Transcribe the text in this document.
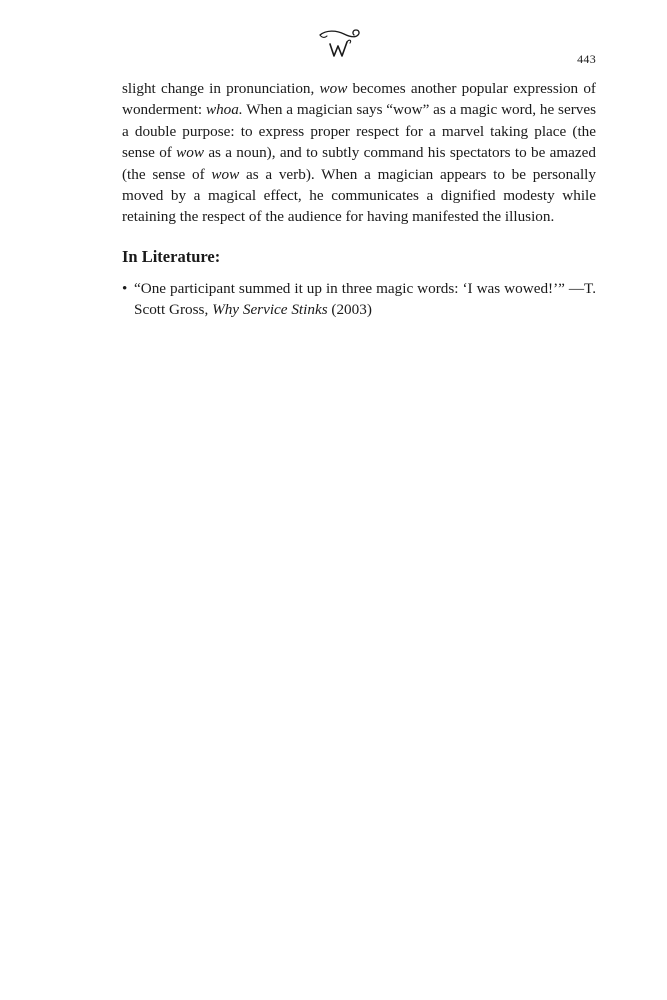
443

slight change in pronunciation, wow becomes another popular expression of wonderment: whoa. When a magician says “wow” as a magic word, he serves a double purpose: to express proper respect for a marvel taking place (the sense of wow as a noun), and to subtly command his spectators to be amazed (the sense of wow as a verb). When a magician appears to be personally moved by a magical effect, he communicates a dignified modesty while retaining the respect of the audience for having manifested the illusion.

In Literature:
• “One participant summed it up in three magic words: ‘I was wowed!’” —T. Scott Gross, Why Service Stinks (2003)
